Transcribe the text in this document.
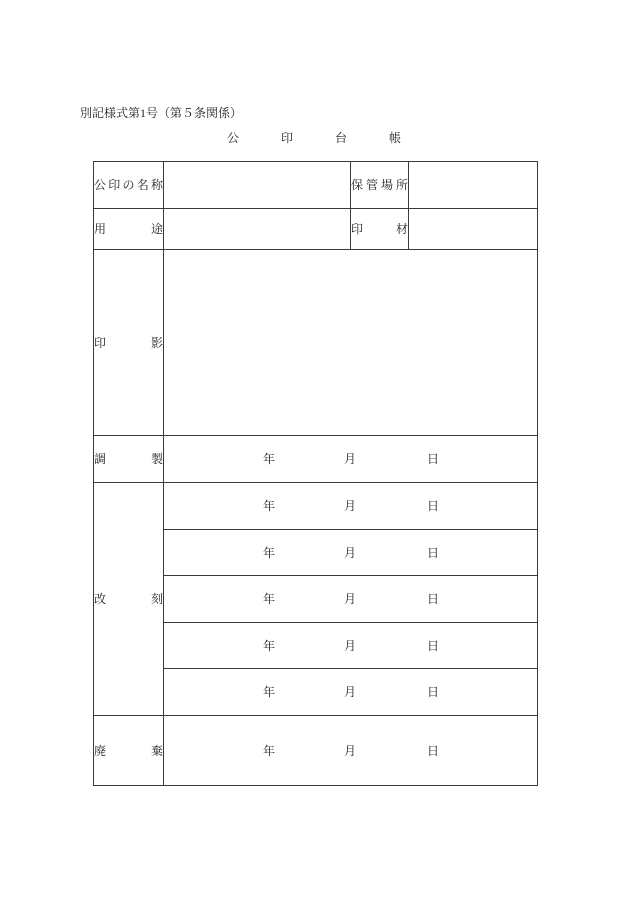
別記様式第1号（第５条関係）
公印台帳
公印の名称		保管場所	

用　途		印　材	

印　影			

調　製	年 月 日		

改　刻	年 月 日		

	年 月 日		

	年 月 日		

	年 月 日		

	年 月 日		

廃　棄	年 月 日		
